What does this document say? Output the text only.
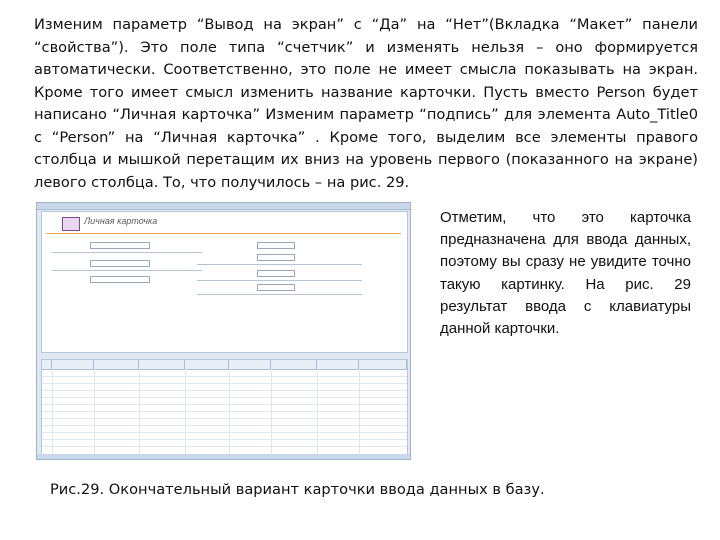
Изменим параметр “Вывод на экран” с “Да” на “Нет”(Вкладка “Макет” панели “свойства”). Это поле типа “счетчик” и изменять нельзя – оно формируется автоматически. Соответственно, это поле не имеет смысла показывать на экран. Кроме того имеет смысл изменить название карточки. Пусть вместо Person будет написано “Личная карточка” Изменим параметр “подпись” для элемента Auto_Title0 с “Person” на “Личная карточка” . Кроме того, выделим все элементы правого столбца и мышкой перетащим их вниз на уровень первого (показанного на экране) левого столбца. То, что получилось – на рис. 29.

Личная карточка	Отметим, что это карточка предназначена для ввода данных, поэтому вы сразу не увидите точно такую картинку. На рис. 29 результат ввода с клавиатуры данной карточки.
Рис.29. Окончательный вариант карточки ввода данных в базу.
